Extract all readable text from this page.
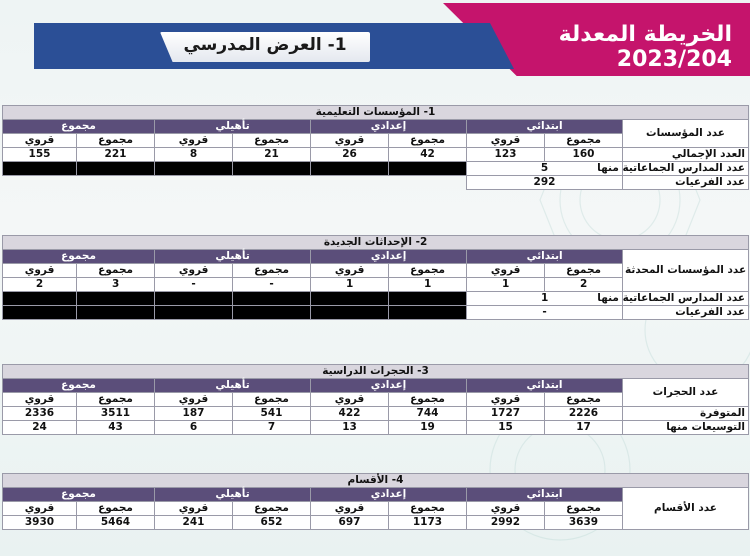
الخريطة المعدلة 2023/204
1- العرض المدرسي
1- المؤسسات التعليمية								
عدد المؤسسات	ابتدائي		إعدادي		تأهيلي		مجموع	
	مجموع	قروي	مجموع	قروي	مجموع	قروي	مجموع	قروي
العدد الإجمالي	160	123	42	26	21	8	221	155
عدد المدارس الجماعاتية منها	5							
عدد الفرعيات	292							
2- الإحداثات الجديدة								
عدد المؤسسات المحدثة	ابتدائي		إعدادي		تأهيلي		مجموع	
	مجموع	قروي	مجموع	قروي	مجموع	قروي	مجموع	قروي
	2	1	1	1	-	-	3	2
عدد المدارس الجماعاتية منها	1							
عدد الفرعيات	-							
3- الحجرات الدراسية								
عدد الحجرات	ابتدائي		إعدادي		تأهيلي		مجموع	
	مجموع	قروي	مجموع	قروي	مجموع	قروي	مجموع	قروي
المتوفرة	2226	1727	744	422	541	187	3511	2336
التوسيعات منها	17	15	19	13	7	6	43	24
4- الأقسام								
عدد الأقسام	ابتدائي		إعدادي		تأهيلي		مجموع	
	مجموع	قروي	مجموع	قروي	مجموع	قروي	مجموع	قروي
	3639	2992	1173	697	652	241	5464	3930
